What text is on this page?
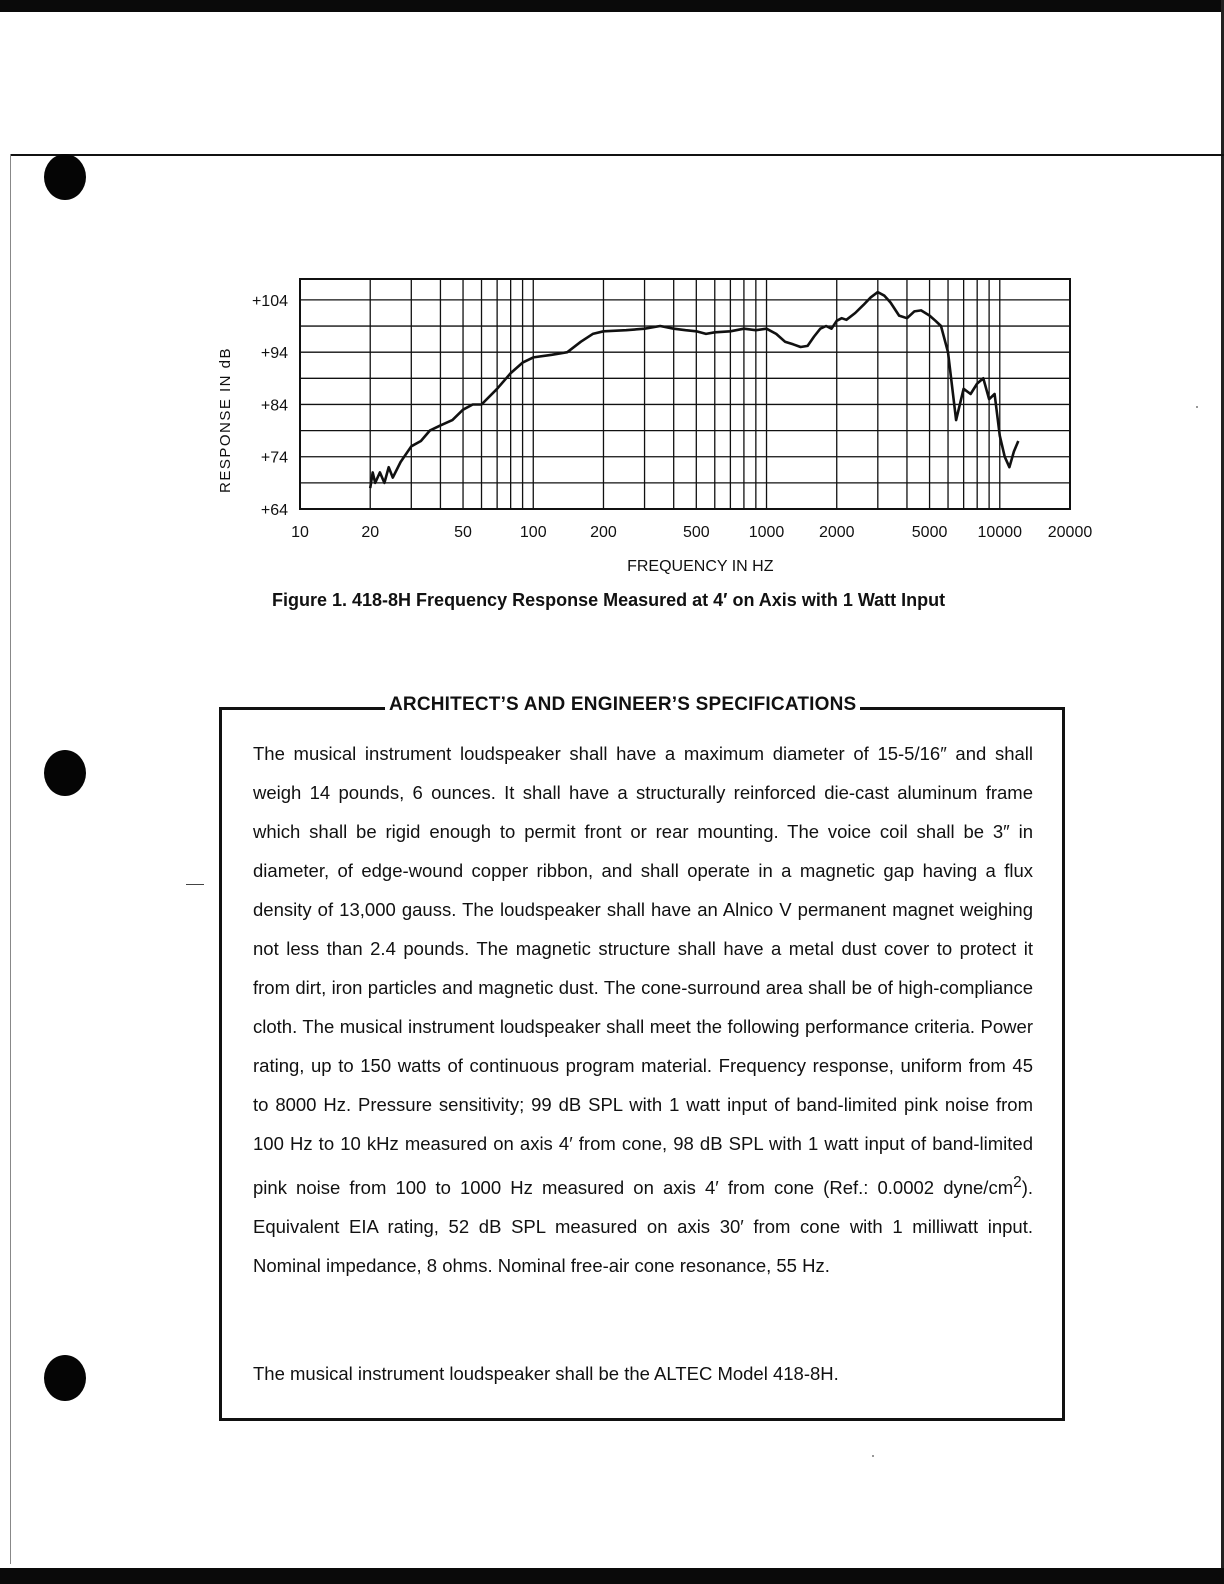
+64
+74
+84
+94
+104
10	20	50	100	200	500 1000 2000	5000 10000 20000
RESPONSE IN dB
FREQUENCY IN HZ
Figure 1. 418-8H Frequency Response Measured at 4′ on Axis with 1 Watt Input
ARCHITECT’S AND ENGINEER’S SPECIFICATIONS
The musical instrument loudspeaker shall have a maximum diameter of 15-5/16″ and shall weigh 14 pounds, 6 ounces. It shall have a structurally reinforced die-cast aluminum frame which shall be rigid enough to permit front or rear mounting. The voice coil shall be 3″ in diameter, of edge-wound copper ribbon, and shall operate in a magnetic gap having a flux density of 13,000 gauss. The loudspeaker shall have an Alnico V permanent magnet weighing not less than 2.4 pounds. The magnetic structure shall have a metal dust cover to protect it from dirt, iron particles and magnetic dust. The cone-surround area shall be of high-compliance cloth. The musical instrument loudspeaker shall meet the following performance criteria. Power rating, up to 150 watts of continuous program material. Frequency response, uniform from 45 to 8000 Hz. Pressure sensitivity; 99 dB SPL with 1 watt input of band-limited pink noise from 100 Hz to 10 kHz measured on axis 4′ from cone, 98 dB SPL with 1 watt input of band-limited pink noise from 100 to 1000 Hz measured on axis 4′ from cone (Ref.: 0.0002 dyne/$cm^2$). Equivalent EIA rating, 52 dB SPL measured on axis 30′ from cone with 1 milliwatt input. Nominal impedance, 8 ohms. Nominal free-air cone resonance, 55 Hz.
The musical instrument loudspeaker shall be the ALTEC Model 418-8H.
